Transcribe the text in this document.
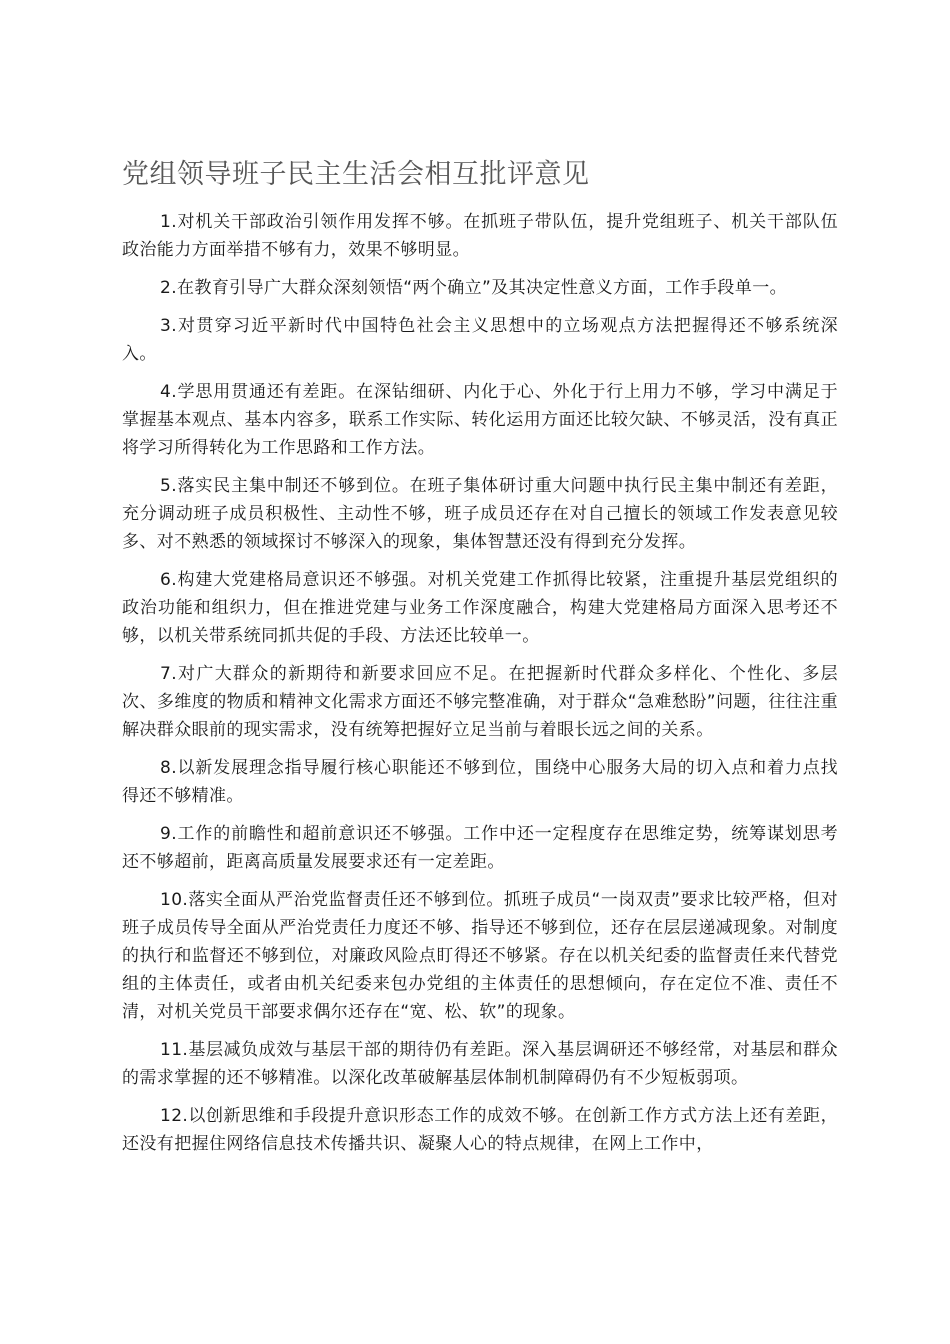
党组领导班子民主生活会相互批评意见

1.对机关干部政治引领作用发挥不够。在抓班子带队伍，提升党组班子、机关干部队伍政治能力方面举措不够有力，效果不够明显。

2.在教育引导广大群众深刻领悟“两个确立”及其决定性意义方面，工作手段单一。

3.对贯穿习近平新时代中国特色社会主义思想中的立场观点方法把握得还不够系统深入。

4.学思用贯通还有差距。在深钻细研、内化于心、外化于行上用力不够，学习中满足于掌握基本观点、基本内容多，联系工作实际、转化运用方面还比较欠缺、不够灵活，没有真正将学习所得转化为工作思路和工作方法。

5.落实民主集中制还不够到位。在班子集体研讨重大问题中执行民主集中制还有差距，充分调动班子成员积极性、主动性不够，班子成员还存在对自己擅长的领域工作发表意见较多、对不熟悉的领域探讨不够深入的现象，集体智慧还没有得到充分发挥。

6.构建大党建格局意识还不够强。对机关党建工作抓得比较紧，注重提升基层党组织的政治功能和组织力，但在推进党建与业务工作深度融合，构建大党建格局方面深入思考还不够，以机关带系统同抓共促的手段、方法还比较单一。

7.对广大群众的新期待和新要求回应不足。在把握新时代群众多样化、个性化、多层次、多维度的物质和精神文化需求方面还不够完整准确，对于群众“急难愁盼”问题，往往注重解决群众眼前的现实需求，没有统筹把握好立足当前与着眼长远之间的关系。

8.以新发展理念指导履行核心职能还不够到位，围绕中心服务大局的切入点和着力点找得还不够精准。

9.工作的前瞻性和超前意识还不够强。工作中还一定程度存在思维定势，统筹谋划思考还不够超前，距离高质量发展要求还有一定差距。

10.落实全面从严治党监督责任还不够到位。抓班子成员“一岗双责”要求比较严格，但对班子成员传导全面从严治党责任力度还不够、指导还不够到位，还存在层层递减现象。对制度的执行和监督还不够到位，对廉政风险点盯得还不够紧。存在以机关纪委的监督责任来代替党组的主体责任，或者由机关纪委来包办党组的主体责任的思想倾向，存在定位不准、责任不清，对机关党员干部要求偶尔还存在“宽、松、软”的现象。

11.基层减负成效与基层干部的期待仍有差距。深入基层调研还不够经常，对基层和群众的需求掌握的还不够精准。以深化改革破解基层体制机制障碍仍有不少短板弱项。

12.以创新思维和手段提升意识形态工作的成效不够。在创新工作方式方法上还有差距，还没有把握住网络信息技术传播共识、凝聚人心的特点规律，在网上工作中，
